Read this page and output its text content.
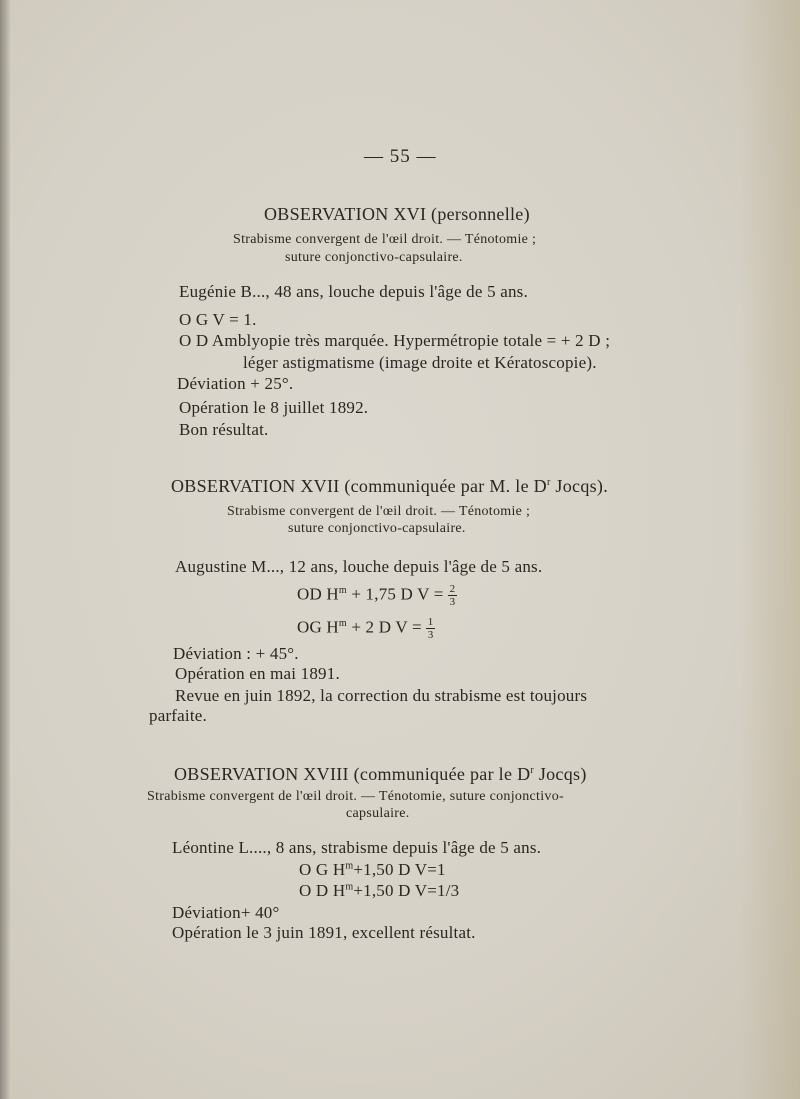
— 55 —
OBSERVATION XVI (personnelle)
Strabisme convergent de l'œil droit. — Ténotomie ;
suture conjonctivo-capsulaire.
Eugénie B..., 48 ans, louche depuis l'âge de 5 ans.
O G V = 1.
O D Amblyopie très marquée. Hypermétropie totale = + 2 D ;
léger astigmatisme (image droite et Kératoscopie).
Déviation + 25°.
Opération le 8 juillet 1892.
Bon résultat.
OBSERVATION XVII (communiquée par M. le $D^r$ Jocqs).
Strabisme convergent de l'œil droit. — Ténotomie ;
suture conjonctivo-capsulaire.
Augustine M..., 12 ans, louche depuis l'âge de 5 ans.
OD $H^m + 1,75$ D $V = \frac{2}{3}$
OG $H^m + 2$ D $V = \frac{1}{3}$
Déviation : + 45°.
Opération en mai 1891.
Revue en juin 1892, la correction du strabisme est toujours
parfaite.
OBSERVATION XVIII (communiquée par le $D^r$ Jocqs)
Strabisme convergent de l'œil droit. — Ténotomie, suture conjonctivo-
capsulaire.
Léontine L...., 8 ans, strabisme depuis l'âge de 5 ans.
O G $H^m+1,50$ D V=1
O D $H^m+1,50$ D V=1/3
Déviation+ 40°
Opération le 3 juin 1891, excellent résultat.
